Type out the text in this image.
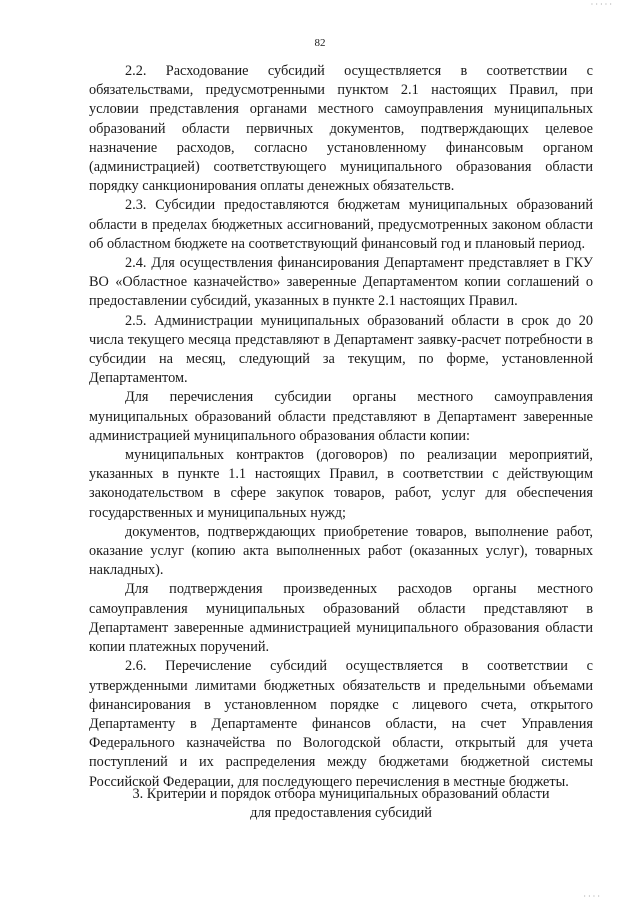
· · · · ·
82

2.2. Расходование субсидий осуществляется в соответствии с обязательствами, предусмотренными пунктом 2.1 настоящих Правил, при условии представления органами местного самоуправления муниципальных образований области первичных документов, подтверждающих целевое назначение расходов, согласно установленному финансовым органом (администрацией) соответствующего муниципального образования области порядку санкционирования оплаты денежных обязательств.

2.3. Субсидии предоставляются бюджетам муниципальных образований области в пределах бюджетных ассигнований, предусмотренных законом области об областном бюджете на соответствующий финансовый год и плановый период.

2.4. Для осуществления финансирования Департамент представляет в ГКУ ВО «Областное казначейство» заверенные Департаментом копии соглашений о предоставлении субсидий, указанных в пункте 2.1 настоящих Правил.

2.5. Администрации муниципальных образований области в срок до 20 числа текущего месяца представляют в Департамент заявку-расчет потребности в субсидии на месяц, следующий за текущим, по форме, установленной Департаментом.

Для перечисления субсидии органы местного самоуправления муниципальных образований области представляют в Департамент заверенные администрацией муниципального образования области копии:

муниципальных контрактов (договоров) по реализации мероприятий, указанных в пункте 1.1 настоящих Правил, в соответствии с действующим законодательством в сфере закупок товаров, работ, услуг для обеспечения государственных и муниципальных нужд;

документов, подтверждающих приобретение товаров, выполнение работ, оказание услуг (копию акта выполненных работ (оказанных услуг), товарных накладных).

Для подтверждения произведенных расходов органы местного самоуправления муниципальных образований области представляют в Департамент заверенные администрацией муниципального образования области копии платежных поручений.

2.6. Перечисление субсидий осуществляется в соответствии с утвержденными лимитами бюджетных обязательств и предельными объемами финансирования в установленном порядке с лицевого счета, открытого Департаменту в Департаменте финансов области, на счет Управления Федерального казначейства по Вологодской области, открытый для учета поступлений и их распределения между бюджетами бюджетной системы Российской Федерации, для последующего перечисления в местные бюджеты.

3. Критерии и порядок отбора муниципальных образований области
для предоставления субсидий
· · · ·
